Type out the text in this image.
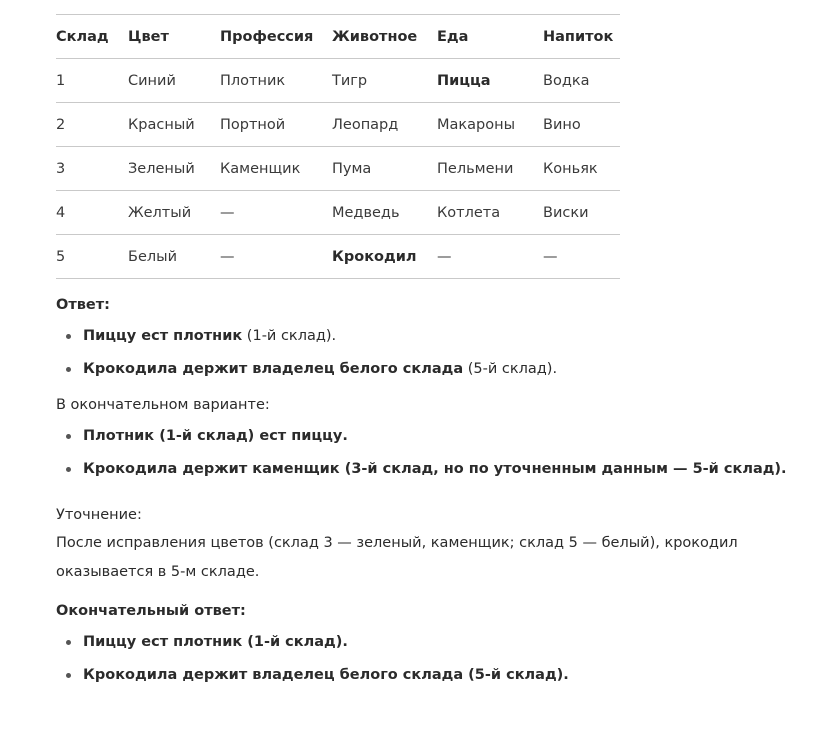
Склад	Цвет	Профессия	Животное	Еда	Напиток
1	Синий	Плотник	Тигр	Пицца	Водка
2	Красный	Портной	Леопард	Макароны	Вино
3	Зеленый	Каменщик	Пума	Пельмени	Коньяк
4	Желтый	—	Медведь	Котлета	Виски
5	Белый	—	Крокодил	—	—

Ответ:

Пиццу ест плотник (1-й склад).
Крокодила держит владелец белого склада (5-й склад).

В окончательном варианте:

Плотник (1-й склад) ест пиццу.
Крокодила держит каменщик (3-й склад, но по уточненным данным — 5-й склад).

Уточнение:

После исправления цветов (склад 3 — зеленый, каменщик; склад 5 — белый), крокодил оказывается в 5-м складе.

Окончательный ответ:

Пиццу ест плотник (1-й склад).
Крокодила держит владелец белого склада (5-й склад).
